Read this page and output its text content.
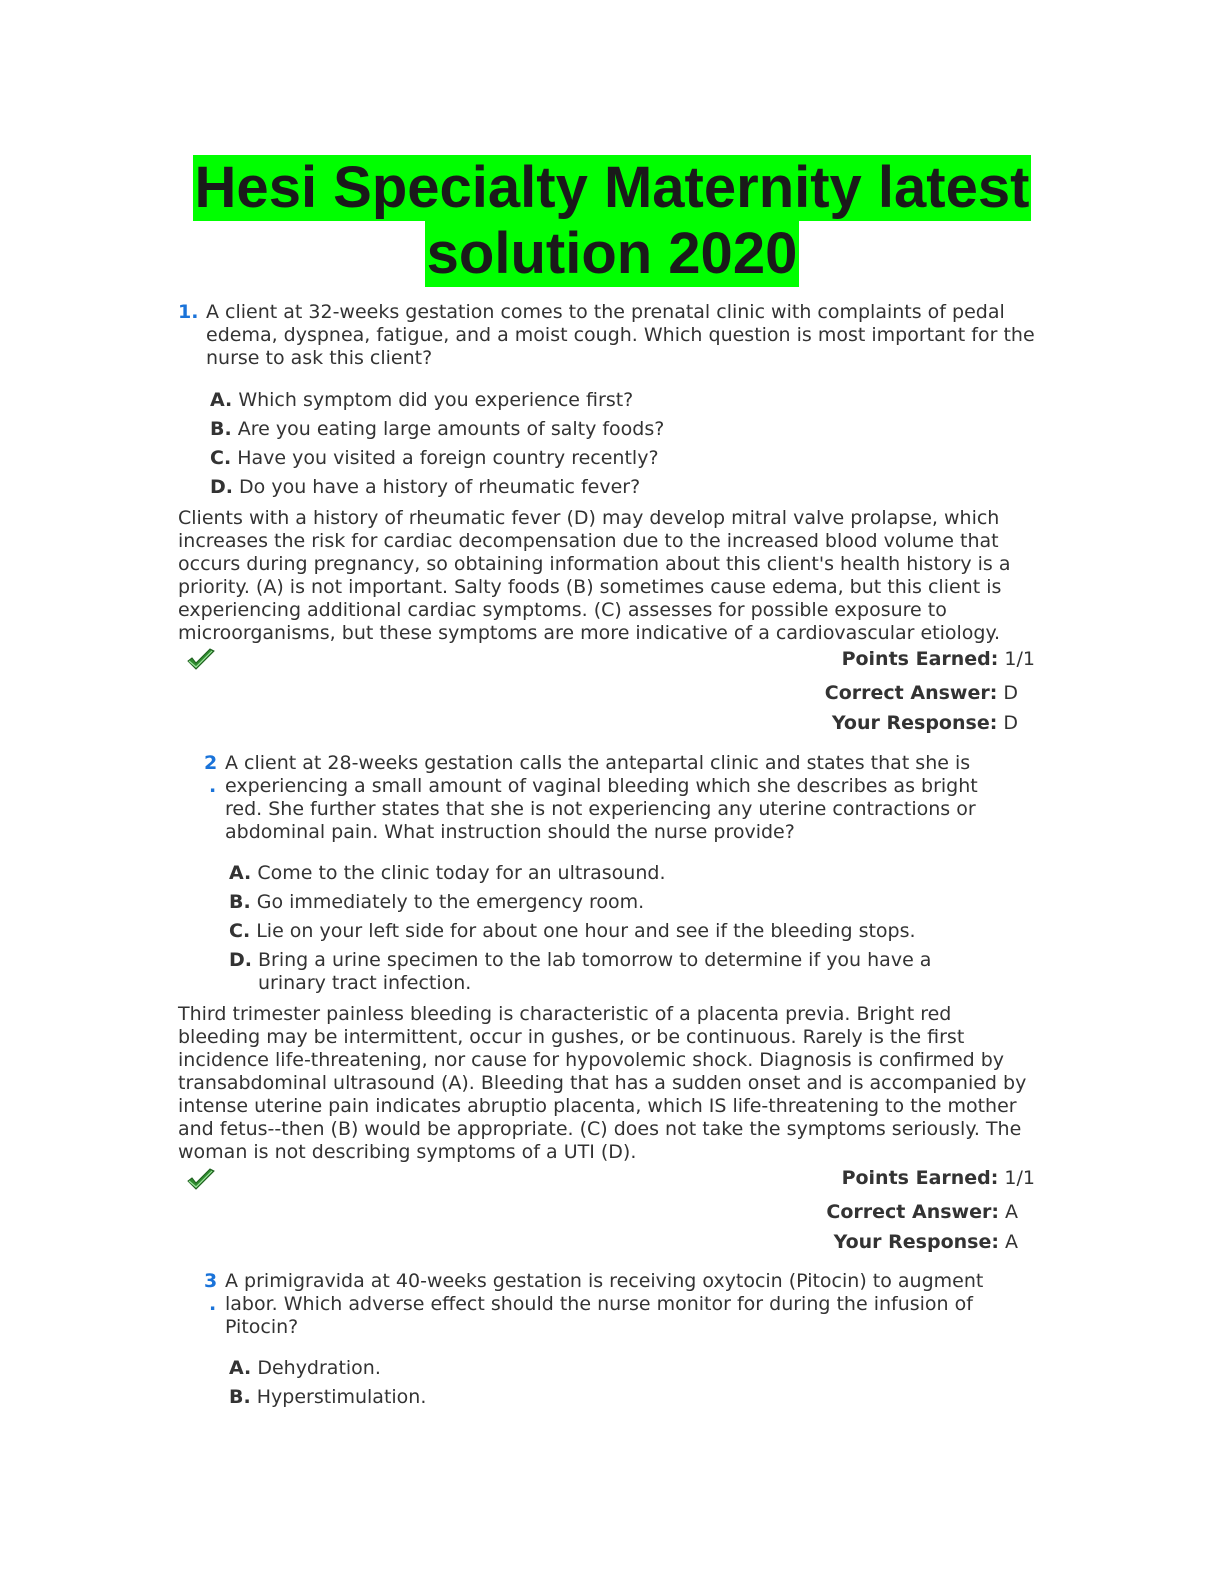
Hesi Specialty Maternity latest
solution 2020
1. A client at 32-weeks gestation comes to the prenatal clinic with complaints of pedal edema, dyspnea, fatigue, and a moist cough. Which question is most important for the nurse to ask this client?
A. Which symptom did you experience first?
B. Are you eating large amounts of salty foods?
C. Have you visited a foreign country recently?
D. Do you have a history of rheumatic fever?
Clients with a history of rheumatic fever (D) may develop mitral valve prolapse, which increases the risk for cardiac decompensation due to the increased blood volume that occurs during pregnancy, so obtaining information about this client's health history is a priority. (A) is not important. Salty foods (B) sometimes cause edema, but this client is experiencing additional cardiac symptoms. (C) assesses for possible exposure to microorganisms, but these symptoms are more indicative of a cardiovascular etiology.
Points Earned: 1/1
Correct Answer: D
Your Response: D
2
.
A client at 28-weeks gestation calls the antepartal clinic and states that she is experiencing a small amount of vaginal bleeding which she describes as bright red. She further states that she is not experiencing any uterine contractions or abdominal pain. What instruction should the nurse provide?
A. Come to the clinic today for an ultrasound.
B. Go immediately to the emergency room.
C. Lie on your left side for about one hour and see if the bleeding stops.
D. Bring a urine specimen to the lab tomorrow to determine if you have a urinary tract infection.
Third trimester painless bleeding is characteristic of a placenta previa. Bright red bleeding may be intermittent, occur in gushes, or be continuous. Rarely is the first incidence life-threatening, nor cause for hypovolemic shock. Diagnosis is confirmed by transabdominal ultrasound (A). Bleeding that has a sudden onset and is accompanied by intense uterine pain indicates abruptio placenta, which IS life-threatening to the mother and fetus--then (B) would be appropriate. (C) does not take the symptoms seriously. The woman is not describing symptoms of a UTI (D).
Points Earned: 1/1
Correct Answer: A
Your Response: A
3
.
A primigravida at 40-weeks gestation is receiving oxytocin (Pitocin) to augment labor. Which adverse effect should the nurse monitor for during the infusion of Pitocin?
A. Dehydration.
B. Hyperstimulation.
